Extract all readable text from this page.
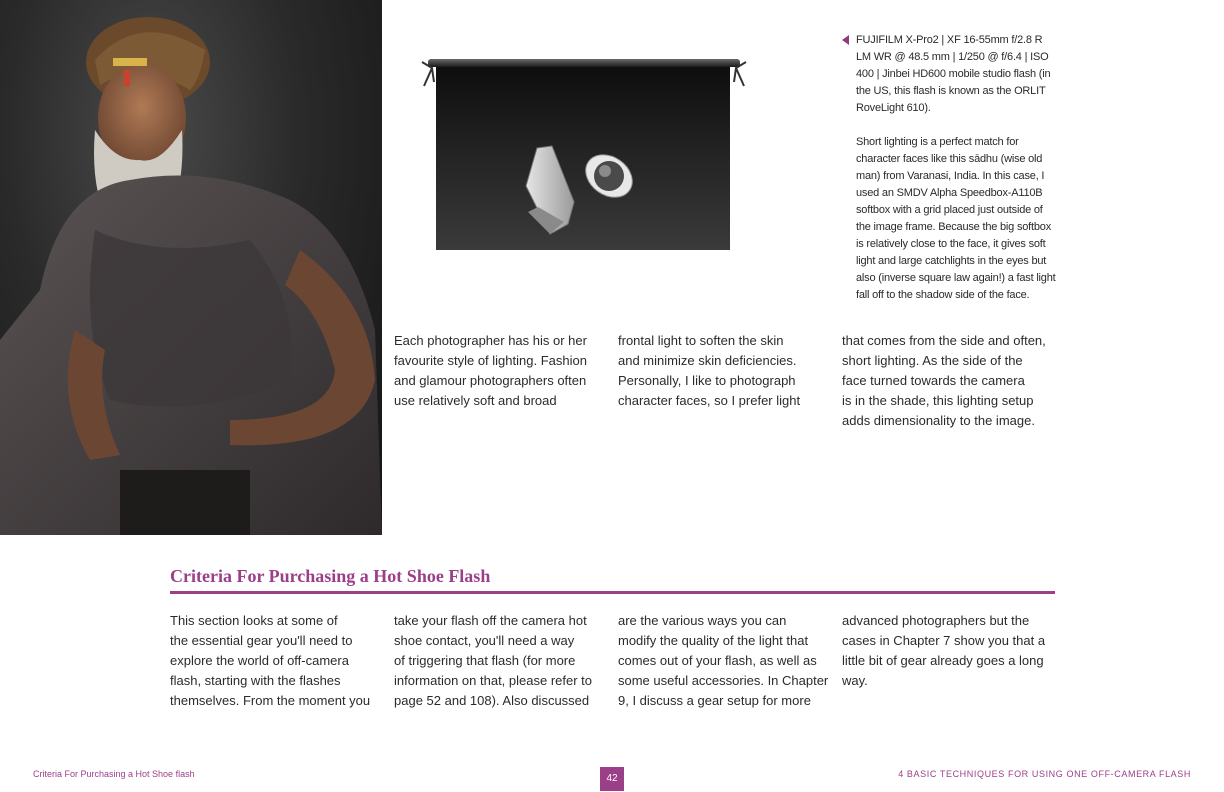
FUJIFILM X-Pro2 | XF 16-55mm f/2.8 R LM WR @ 48.5 mm | 1/250 @ f/6.4 | ISO 400 | Jinbei HD600 mobile studio flash (in the US, this flash is known as the ORLIT RoveLight 610).

Short lighting is a perfect match for character faces like this sādhu (wise old man) from Varanasi, India. In this case, I used an SMDV Alpha Speedbox-A110B softbox with a grid placed just outside of the image frame. Because the big softbox is relatively close to the face, it gives soft light and large catchlights in the eyes but also (inverse square law again!) a fast light fall off to the shadow side of the face.

Each photographer has his or her
favourite style of lighting. Fashion
and glamour photographers often
use relatively soft and broad
frontal light to soften the skin
and minimize skin deficiencies.
Personally, I like to photograph
character faces, so I prefer light
that comes from the side and often,
short lighting. As the side of the
face turned towards the camera
is in the shade, this lighting setup
adds dimensionality to the image.
Criteria For Purchasing a Hot Shoe Flash
This section looks at some of
the essential gear you'll need to
explore the world of off-camera
flash, starting with the flashes
themselves. From the moment you
take your flash off the camera hot
shoe contact, you'll need a way
of triggering that flash (for more
information on that, please refer to
page 52 and 108). Also discussed
are the various ways you can
modify the quality of the light that
comes out of your flash, as well as
some useful accessories. In Chapter
9, I discuss a gear setup for more
advanced photographers but the
cases in Chapter 7 show you that a
little bit of gear already goes a long
way.
Criteria For Purchasing a Hot Shoe flash	42	4 BASIC TECHNIQUES FOR USING ONE OFF-CAMERA FLASH
